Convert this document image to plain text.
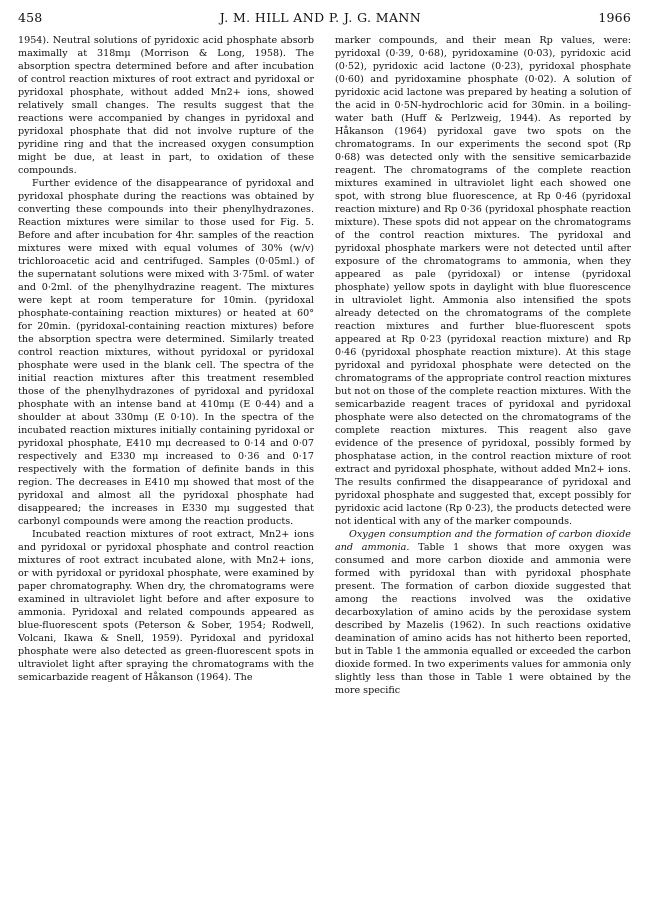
458	J. M. HILL AND P. J. G. MANN	1966

1954). Neutral solutions of pyridoxic acid phosphate absorb maximally at 318mμ (Morrison & Long, 1958). The absorption spectra determined before and after incubation of control reaction mixtures of root extract and pyridoxal or pyridoxal phosphate, without added Mn2+ ions, showed relatively small changes. The results suggest that the reactions were accompanied by changes in pyridoxal and pyridoxal phosphate that did not involve rupture of the pyridine ring and that the increased oxygen consumption might be due, at least in part, to oxidation of these compounds.

Further evidence of the disappearance of pyridoxal and pyridoxal phosphate during the reactions was obtained by converting these compounds into their phenylhydrazones. Reaction mixtures were similar to those used for Fig. 5. Before and after incubation for 4hr. samples of the reaction mixtures were mixed with equal volumes of 30% (w/v) trichloroacetic acid and centrifuged. Samples (0·05ml.) of the supernatant solutions were mixed with 3·75ml. of water and 0·2ml. of the phenylhydrazine reagent. The mixtures were kept at room temperature for 10min. (pyridoxal phosphate-containing reaction mixtures) or heated at 60° for 20min. (pyridoxal-containing reaction mixtures) before the absorption spectra were determined. Similarly treated control reaction mixtures, without pyridoxal or pyridoxal phosphate were used in the blank cell. The spectra of the initial reaction mixtures after this treatment resembled those of the phenylhydrazones of pyridoxal and pyridoxal phosphate with an intense band at 410mμ (E 0·44) and a shoulder at about 330mμ (E 0·10). In the spectra of the incubated reaction mixtures initially containing pyridoxal or pyridoxal phosphate, E410 mμ decreased to 0·14 and 0·07 respectively and E330 mμ increased to 0·36 and 0·17 respectively with the formation of definite bands in this region. The decreases in E410 mμ showed that most of the pyridoxal and almost all the pyridoxal phosphate had disappeared; the increases in E330 mμ suggested that carbonyl compounds were among the reaction products.

Incubated reaction mixtures of root extract, Mn2+ ions and pyridoxal or pyridoxal phosphate and control reaction mixtures of root extract incubated alone, with Mn2+ ions, or with pyridoxal or pyridoxal phosphate, were examined by paper chromatography. When dry, the chromatograms were examined in ultraviolet light before and after exposure to ammonia. Pyridoxal and related compounds appeared as blue-fluorescent spots (Peterson & Sober, 1954; Rodwell, Volcani, Ikawa & Snell, 1959). Pyridoxal and pyridoxal phosphate were also detected as green-fluorescent spots in ultraviolet light after spraying the chromatograms with the semicarbazide reagent of Håkanson (1964). The

marker compounds, and their mean Rp values, were: pyridoxal (0·39, 0·68), pyridoxamine (0·03), pyridoxic acid (0·52), pyridoxic acid lactone (0·23), pyridoxal phosphate (0·60) and pyridoxamine phosphate (0·02). A solution of pyridoxic acid lactone was prepared by heating a solution of the acid in 0·5N-hydrochloric acid for 30min. in a boiling-water bath (Huff & Perlzweig, 1944). As reported by Håkanson (1964) pyridoxal gave two spots on the chromatograms. In our experiments the second spot (Rp 0·68) was detected only with the sensitive semicarbazide reagent. The chromatograms of the complete reaction mixtures examined in ultraviolet light each showed one spot, with strong blue fluorescence, at Rp 0·46 (pyridoxal reaction mixture) and Rp 0·36 (pyridoxal phosphate reaction mixture). These spots did not appear on the chromatograms of the control reaction mixtures. The pyridoxal and pyridoxal phosphate markers were not detected until after exposure of the chromatograms to ammonia, when they appeared as pale (pyridoxal) or intense (pyridoxal phosphate) yellow spots in daylight with blue fluorescence in ultraviolet light. Ammonia also intensified the spots already detected on the chromatograms of the complete reaction mixtures and further blue-fluorescent spots appeared at Rp 0·23 (pyridoxal reaction mixture) and Rp 0·46 (pyridoxal phosphate reaction mixture). At this stage pyridoxal and pyridoxal phosphate were detected on the chromatograms of the appropriate control reaction mixtures but not on those of the complete reaction mixtures. With the semicarbazide reagent traces of pyridoxal and pyridoxal phosphate were also detected on the chromatograms of the complete reaction mixtures. This reagent also gave evidence of the presence of pyridoxal, possibly formed by phosphatase action, in the control reaction mixture of root extract and pyridoxal phosphate, without added Mn2+ ions. The results confirmed the disappearance of pyridoxal and pyridoxal phosphate and suggested that, except possibly for pyridoxic acid lactone (Rp 0·23), the products detected were not identical with any of the marker compounds.

Oxygen consumption and the formation of carbon dioxide and ammonia. Table 1 shows that more oxygen was consumed and more carbon dioxide and ammonia were formed with pyridoxal than with pyridoxal phosphate present. The formation of carbon dioxide suggested that among the reactions involved was the oxidative decarboxylation of amino acids by the peroxidase system described by Mazelis (1962). In such reactions oxidative deamination of amino acids has not hitherto been reported, but in Table 1 the ammonia equalled or exceeded the carbon dioxide formed. In two experiments values for ammonia only slightly less than those in Table 1 were obtained by the more specific
